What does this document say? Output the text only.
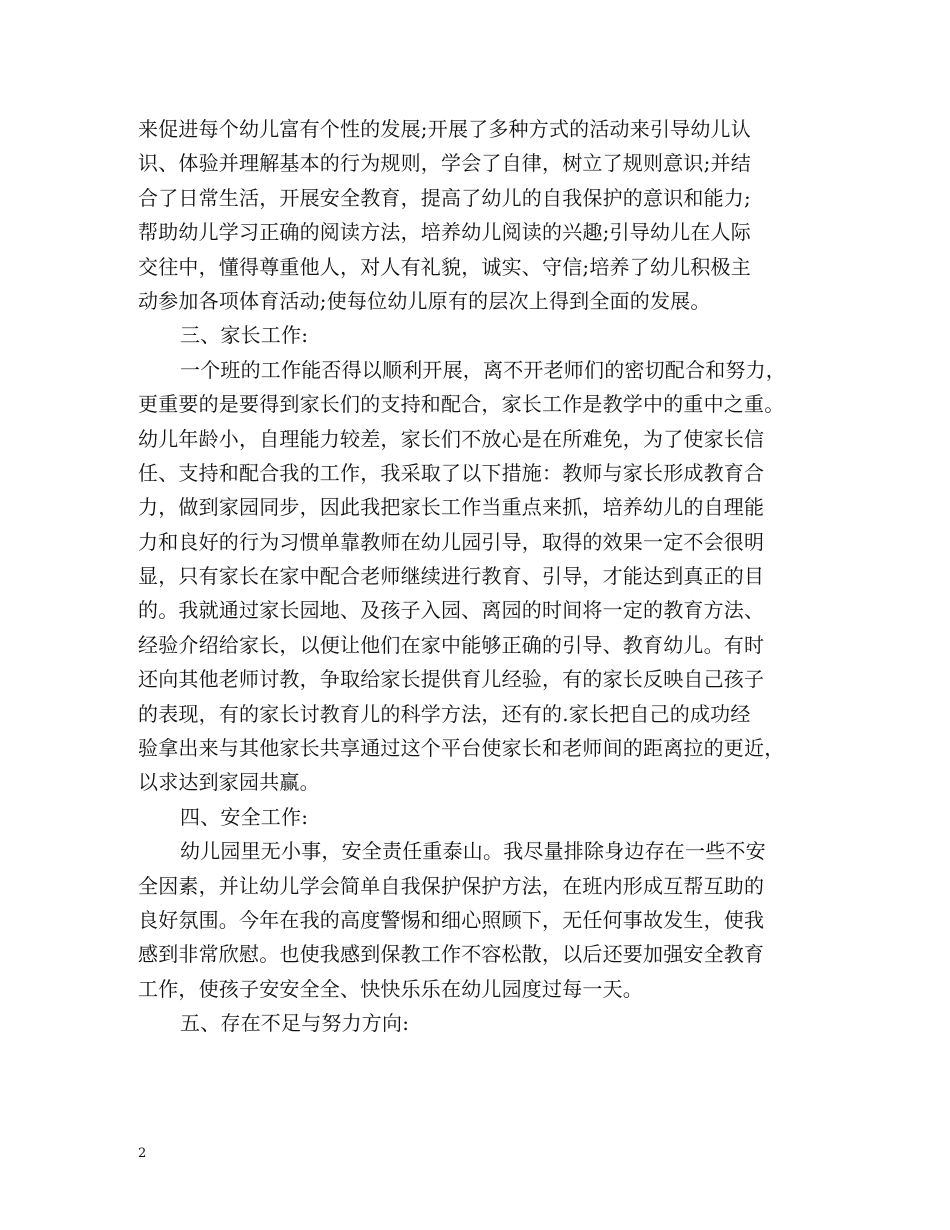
来促进每个幼儿富有个性的发展;开展了多种方式的活动来引导幼儿认
识、体验并理解基本的行为规则，学会了自律，树立了规则意识;并结
合了日常生活，开展安全教育，提高了幼儿的自我保护的意识和能力;
帮助幼儿学习正确的阅读方法，培养幼儿阅读的兴趣;引导幼儿在人际
交往中，懂得尊重他人，对人有礼貌，诚实、守信;培养了幼儿积极主
动参加各项体育活动;使每位幼儿原有的层次上得到全面的发展。
三、家长工作:
一个班的工作能否得以顺利开展，离不开老师们的密切配合和努力，
更重要的是要得到家长们的支持和配合，家长工作是教学中的重中之重。
幼儿年龄小，自理能力较差，家长们不放心是在所难免，为了使家长信
任、支持和配合我的工作，我采取了以下措施：教师与家长形成教育合
力，做到家园同步，因此我把家长工作当重点来抓，培养幼儿的自理能
力和良好的行为习惯单靠教师在幼儿园引导，取得的效果一定不会很明
显，只有家长在家中配合老师继续进行教育、引导，才能达到真正的目
的。我就通过家长园地、及孩子入园、离园的时间将一定的教育方法、
经验介绍给家长，以便让他们在家中能够正确的引导、教育幼儿。有时
还向其他老师讨教，争取给家长提供育儿经验，有的家长反映自己孩子
的表现，有的家长讨教育儿的科学方法，还有的.家长把自己的成功经
验拿出来与其他家长共享通过这个平台使家长和老师间的距离拉的更近，
以求达到家园共赢。
四、安全工作:
幼儿园里无小事，安全责任重泰山。我尽量排除身边存在一些不安
全因素，并让幼儿学会简单自我保护保护方法，在班内形成互帮互助的
良好氛围。今年在我的高度警惕和细心照顾下，无任何事故发生，使我
感到非常欣慰。也使我感到保教工作不容松散，以后还要加强安全教育
工作，使孩子安安全全、快快乐乐在幼儿园度过每一天。
五、存在不足与努力方向:
2
